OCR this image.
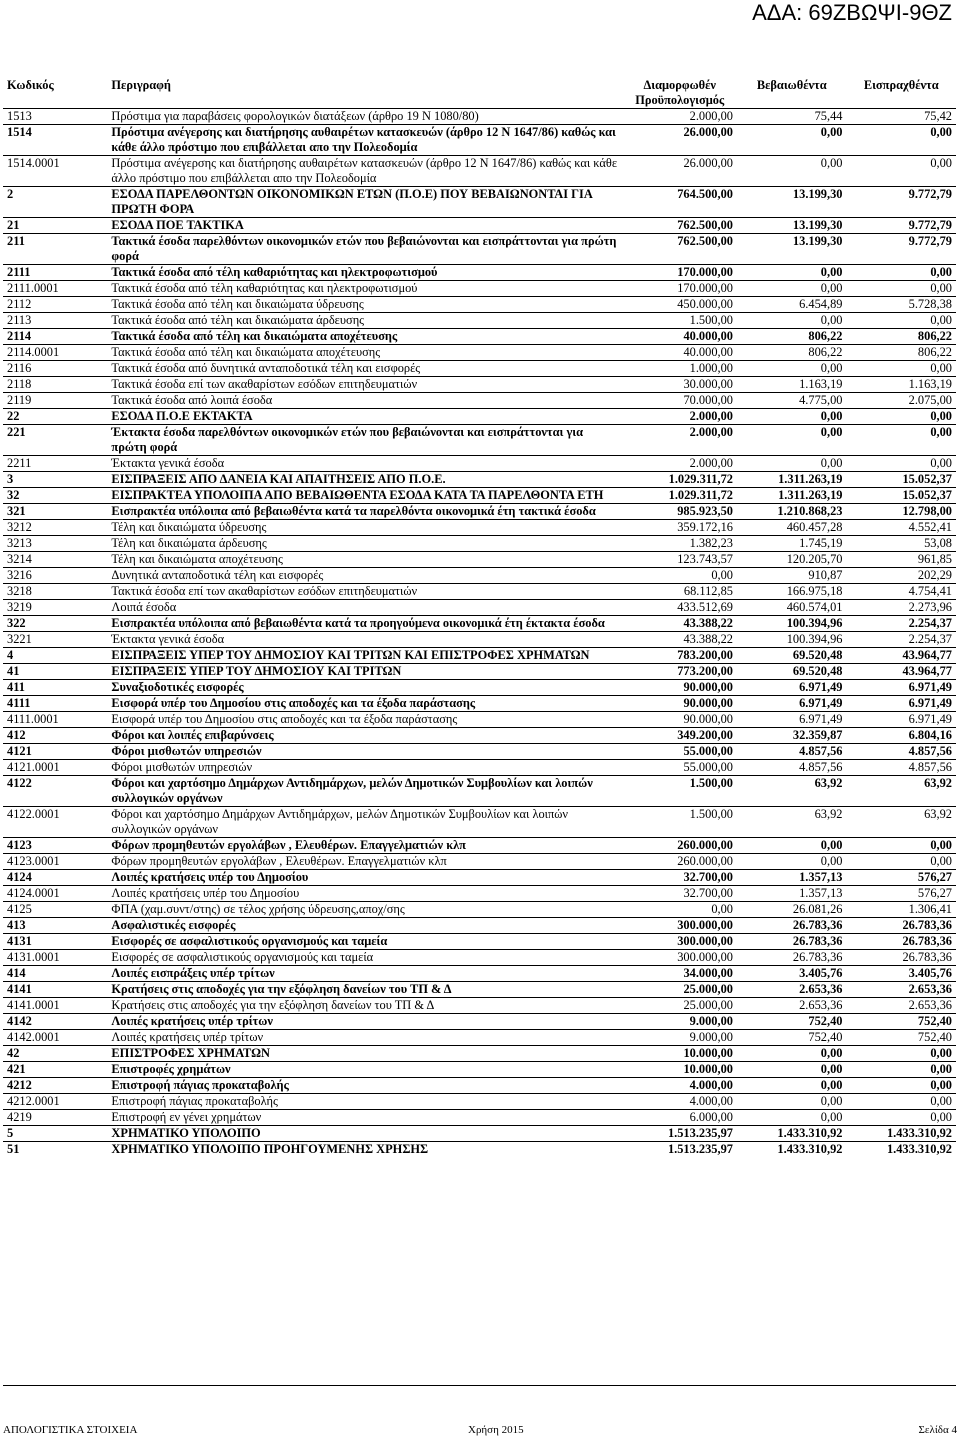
ΑΔΑ: 69ΖΒΩΨΙ-9ΘΖ
Κωδικός	Περιγραφή	Διαμορφωθέν Προϋπολογισμός	Βεβαιωθέντα	Εισπραχθέντα
1513	Πρόστιμα για παραβάσεις φορολογικών διατάξεων (άρθρο 19 Ν 1080/80)	2.000,00	75,44	75,42
1514	Πρόστιμα ανέγερσης και διατήρησης αυθαιρέτων κατασκευών (άρθρο 12 Ν 1647/86) καθώς και κάθε άλλο πρόστιμο που επιβάλλεται απο την Πολεοδομία	26.000,00	0,00	0,00
1514.0001	Πρόστιμα ανέγερσης και διατήρησης αυθαιρέτων κατασκευών (άρθρο 12 Ν 1647/86) καθώς και κάθε άλλο πρόστιμο που επιβάλλεται απο την Πολεοδομία	26.000,00	0,00	0,00
2	ΕΣΟΔΑ ΠΑΡΕΛΘΟΝΤΩΝ ΟΙΚΟΝΟΜΙΚΩΝ ΕΤΩΝ (Π.Ο.Ε) ΠΟΥ ΒΕΒΑΙΩΝΟΝΤΑΙ ΓΙΑ ΠΡΩΤΗ ΦΟΡΑ	764.500,00	13.199,30	9.772,79
21	ΕΣΟΔΑ ΠΟΕ ΤΑΚΤΙΚΑ	762.500,00	13.199,30	9.772,79
211	Τακτικά έσοδα παρελθόντων οικονομικών ετών που βεβαιώνονται και εισπράττονται για πρώτη φορά	762.500,00	13.199,30	9.772,79
2111	Τακτικά έσοδα από τέλη καθαριότητας και ηλεκτροφωτισμού	170.000,00	0,00	0,00
2111.0001	Τακτικά έσοδα από τέλη καθαριότητας και ηλεκτροφωτισμού	170.000,00	0,00	0,00
2112	Τακτικά έσοδα από τέλη και δικαιώματα ύδρευσης	450.000,00	6.454,89	5.728,38
2113	Τακτικά έσοδα από τέλη και δικαιώματα άρδευσης	1.500,00	0,00	0,00
2114	Τακτικά έσοδα από τέλη και δικαιώματα αποχέτευσης	40.000,00	806,22	806,22
2114.0001	Τακτικά έσοδα από τέλη και δικαιώματα αποχέτευσης	40.000,00	806,22	806,22
2116	Τακτικά έσοδα από δυνητικά ανταποδοτικά τέλη και εισφορές	1.000,00	0,00	0,00
2118	Τακτικά έσοδα επί των ακαθαρίστων εσόδων επιτηδευματιών	30.000,00	1.163,19	1.163,19
2119	Τακτικά έσοδα από λοιπά έσοδα	70.000,00	4.775,00	2.075,00
22	ΕΣΟΔΑ Π.Ο.Ε ΕΚΤΑΚΤΑ	2.000,00	0,00	0,00
221	Έκτακτα έσοδα παρελθόντων οικονομικών ετών που βεβαιώνονται και εισπράττονται για πρώτη φορά	2.000,00	0,00	0,00
2211	Έκτακτα γενικά έσοδα	2.000,00	0,00	0,00
3	ΕΙΣΠΡΑΞΕΙΣ ΑΠΟ ΔΑΝΕΙΑ ΚΑΙ ΑΠΑΙΤΗΣΕΙΣ ΑΠΟ Π.Ο.Ε.	1.029.311,72	1.311.263,19	15.052,37
32	ΕΙΣΠΡΑΚΤΕΑ ΥΠΟΛΟΙΠΑ ΑΠΟ ΒΕΒΑΙΩΘΕΝΤΑ ΕΣΟΔΑ ΚΑΤΑ ΤΑ ΠΑΡΕΛΘΟΝΤΑ ΕΤΗ	1.029.311,72	1.311.263,19	15.052,37
321	Εισπρακτέα υπόλοιπα από βεβαιωθέντα κατά τα παρελθόντα οικονομικά έτη τακτικά έσοδα	985.923,50	1.210.868,23	12.798,00
3212	Τέλη και δικαιώματα ύδρευσης	359.172,16	460.457,28	4.552,41
3213	Τέλη και δικαιώματα άρδευσης	1.382,23	1.745,19	53,08
3214	Τέλη και δικαιώματα αποχέτευσης	123.743,57	120.205,70	961,85
3216	Δυνητικά ανταποδοτικά τέλη και εισφορές	0,00	910,87	202,29
3218	Τακτικά έσοδα επί των ακαθαρίστων εσόδων επιτηδευματιών	68.112,85	166.975,18	4.754,41
3219	Λοιπά έσοδα	433.512,69	460.574,01	2.273,96
322	Εισπρακτέα υπόλοιπα από βεβαιωθέντα κατά τα προηγούμενα οικονομικά έτη έκτακτα έσοδα	43.388,22	100.394,96	2.254,37
3221	Έκτακτα γενικά έσοδα	43.388,22	100.394,96	2.254,37
4	ΕΙΣΠΡΑΞΕΙΣ ΥΠΕΡ ΤΟΥ ΔΗΜΟΣΙΟΥ ΚΑΙ ΤΡΙΤΩΝ ΚΑΙ ΕΠΙΣΤΡΟΦΕΣ ΧΡΗΜΑΤΩΝ	783.200,00	69.520,48	43.964,77
41	ΕΙΣΠΡΑΞΕΙΣ ΥΠΕΡ ΤΟΥ ΔΗΜΟΣΙΟΥ ΚΑΙ ΤΡΙΤΩΝ	773.200,00	69.520,48	43.964,77
411	Συναξιοδοτικές εισφορές	90.000,00	6.971,49	6.971,49
4111	Εισφορά υπέρ του Δημοσίου στις αποδοχές και τα έξοδα παράστασης	90.000,00	6.971,49	6.971,49
4111.0001	Εισφορά υπέρ του Δημοσίου στις αποδοχές και τα έξοδα παράστασης	90.000,00	6.971,49	6.971,49
412	Φόροι και λοιπές επιβαρύνσεις	349.200,00	32.359,87	6.804,16
4121	Φόροι μισθωτών υπηρεσιών	55.000,00	4.857,56	4.857,56
4121.0001	Φόροι μισθωτών υπηρεσιών	55.000,00	4.857,56	4.857,56
4122	Φόροι και χαρτόσημο Δημάρχων Αντιδημάρχων, μελών Δημοτικών Συμβουλίων και λοιπών συλλογικών οργάνων	1.500,00	63,92	63,92
4122.0001	Φόροι και χαρτόσημο Δημάρχων Αντιδημάρχων, μελών Δημοτικών Συμβουλίων και λοιπών συλλογικών οργάνων	1.500,00	63,92	63,92
4123	Φόρων προμηθευτών εργολάβων , Ελευθέρων. Επαγγελματιών κλπ	260.000,00	0,00	0,00
4123.0001	Φόρων προμηθευτών εργολάβων , Ελευθέρων. Επαγγελματιών κλπ	260.000,00	0,00	0,00
4124	Λοιπές κρατήσεις υπέρ του Δημοσίου	32.700,00	1.357,13	576,27
4124.0001	Λοιπές κρατήσεις υπέρ του Δημοσίου	32.700,00	1.357,13	576,27
4125	ΦΠΑ (χαμ.συντ/στης) σε τέλος χρήσης ύδρευσης,αποχ/σης	0,00	26.081,26	1.306,41
413	Ασφαλιστικές εισφορές	300.000,00	26.783,36	26.783,36
4131	Εισφορές σε ασφαλιστικούς οργανισμούς και ταμεία	300.000,00	26.783,36	26.783,36
4131.0001	Εισφορές σε ασφαλιστικούς οργανισμούς και ταμεία	300.000,00	26.783,36	26.783,36
414	Λοιπές εισπράξεις υπέρ τρίτων	34.000,00	3.405,76	3.405,76
4141	Κρατήσεις στις αποδοχές για την εξόφληση δανείων του ΤΠ & Δ	25.000,00	2.653,36	2.653,36
4141.0001	Κρατήσεις στις αποδοχές για την εξόφληση δανείων του ΤΠ & Δ	25.000,00	2.653,36	2.653,36
4142	Λοιπές κρατήσεις υπέρ τρίτων	9.000,00	752,40	752,40
4142.0001	Λοιπές κρατήσεις υπέρ τρίτων	9.000,00	752,40	752,40
42	ΕΠΙΣΤΡΟΦΕΣ ΧΡΗΜΑΤΩΝ	10.000,00	0,00	0,00
421	Επιστροφές χρημάτων	10.000,00	0,00	0,00
4212	Επιστροφή πάγιας προκαταβολής	4.000,00	0,00	0,00
4212.0001	Επιστροφή πάγιας προκαταβολής	4.000,00	0,00	0,00
4219	Επιστροφή εν γένει χρημάτων	6.000,00	0,00	0,00
5	ΧΡΗΜΑΤΙΚΟ ΥΠΟΛΟΙΠΟ	1.513.235,97	1.433.310,92	1.433.310,92
51	ΧΡΗΜΑΤΙΚΟ ΥΠΟΛΟΙΠΟ ΠΡΟΗΓΟΥΜΕΝΗΣ ΧΡΗΣΗΣ	1.513.235,97	1.433.310,92	1.433.310,92
ΑΠΟΛΟΓΙΣΤΙΚΑ ΣΤΟΙΧΕΙΑ	Χρήση 2015	Σελίδα 4
